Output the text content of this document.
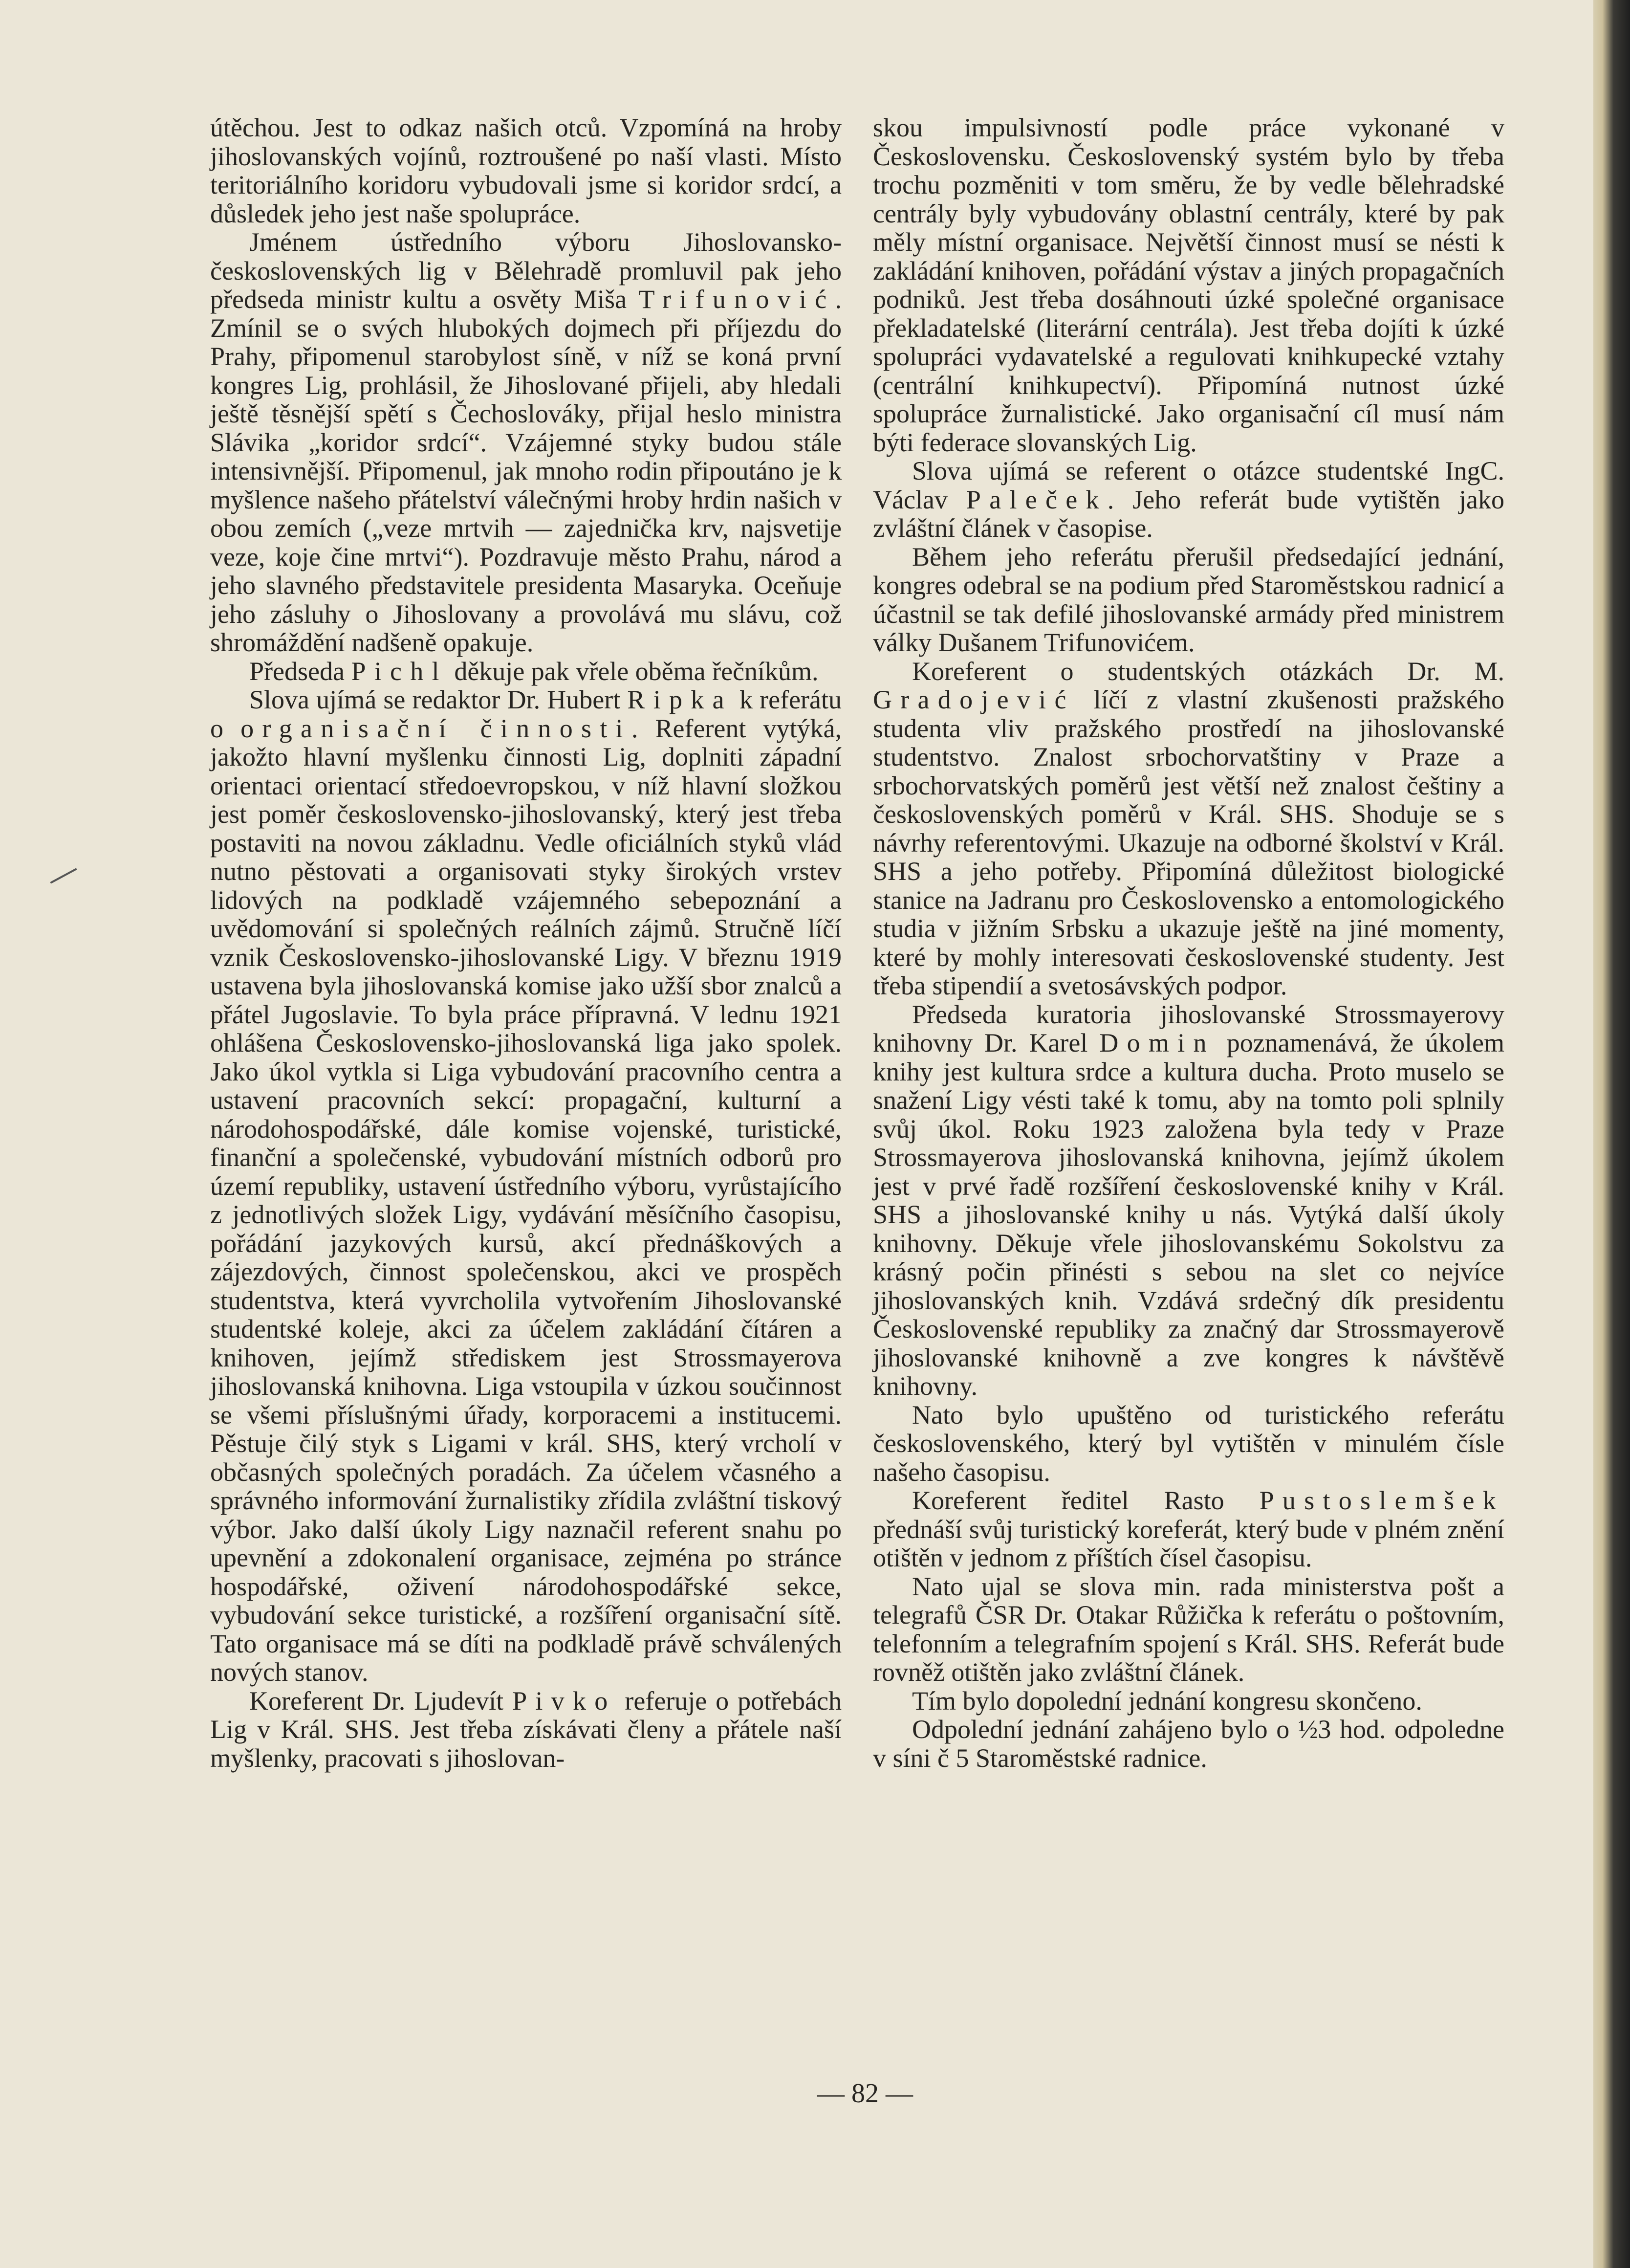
útěchou. Jest to odkaz našich otců. Vzpomíná na hroby jihoslovanských vojínů, roztroušené po naší vlasti. Místo teritoriálního koridoru vybudovali jsme si koridor srdcí, a důsledek jeho jest naše spolupráce.

Jménem ústředního výboru Jihoslovansko-československých lig v Bělehradě promluvil pak jeho předseda ministr kultu a osvěty Miša Trifunović. Zmínil se o svých hlubokých dojmech při příjezdu do Prahy, připomenul starobylost síně, v níž se koná první kongres Lig, prohlásil, že Jihoslované přijeli, aby hledali ještě těsnější spětí s Čechoslováky, přijal heslo ministra Slávika „koridor srdcí“. Vzájemné styky budou stále intensivnější. Připomenul, jak mnoho rodin připoutáno je k myšlence našeho přátelství válečnými hroby hrdin našich v obou zemích („veze mrtvih — zajednička krv, najsvetije veze, koje čine mrtvi“). Pozdravuje město Prahu, národ a jeho slavného představitele presidenta Masaryka. Oceňuje jeho zásluhy o Jihoslovany a provolává mu slávu, což shromáždění nadšeně opakuje.

Předseda Pichl děkuje pak vřele oběma řečníkům.

Slova ujímá se redaktor Dr. Hubert Ripka k referátu o organisační činnosti. Referent vytýká, jakožto hlavní myšlenku činnosti Lig, doplniti západní orientaci orientací středoevropskou, v níž hlavní složkou jest poměr československo-jihoslovanský, který jest třeba postaviti na novou základnu. Vedle oficiálních styků vlád nutno pěstovati a organisovati styky širokých vrstev lidových na podkladě vzájemného sebepoznání a uvědomování si společných reálních zájmů. Stručně líčí vznik Československo-jihoslovanské Ligy. V březnu 1919 ustavena byla jihoslovanská komise jako užší sbor znalců a přátel Jugoslavie. To byla práce přípravná. V lednu 1921 ohlášena Československo-jihoslovanská liga jako spolek. Jako úkol vytkla si Liga vybudování pracovního centra a ustavení pracovních sekcí: propagační, kulturní a národohospodářské, dále komise vojenské, turistické, finanční a společenské, vybudování místních odborů pro území republiky, ustavení ústředního výboru, vyrůstajícího z jednotlivých složek Ligy, vydávání měsíčního časopisu, pořádání jazykových kursů, akcí přednáškových a zájezdových, činnost společenskou, akci ve prospěch studentstva, která vyvrcholila vytvořením Jihoslovanské studentské koleje, akci za účelem zakládání čítáren a knihoven, jejímž střediskem jest Strossmayerova jihoslovanská knihovna. Liga vstoupila v úzkou součinnost se všemi příslušnými úřady, korporacemi a institucemi. Pěstuje čilý styk s Ligami v král. SHS, který vrcholí v občasných společných poradách. Za účelem včasného a správného informování žurnalistiky zřídila zvláštní tiskový výbor. Jako další úkoly Ligy naznačil referent snahu po upevnění a zdokonalení organisace, zejména po stránce hospodářské, oživení národohospodářské sekce, vybudování sekce turistické, a rozšíření organisační sítě. Tato organisace má se díti na podkladě právě schválených nových stanov.

Koreferent Dr. Ljudevít Pivko referuje o potřebách Lig v Král. SHS. Jest třeba získávati členy a přátele naší myšlenky, pracovati s jihoslovan-

skou impulsivností podle práce vykonané v Československu. Československý systém bylo by třeba trochu pozměniti v tom směru, že by vedle bělehradské centrály byly vybudovány oblastní centrály, které by pak měly místní organisace. Největší činnost musí se nésti k zakládání knihoven, pořádání výstav a jiných propagačních podniků. Jest třeba dosáhnouti úzké společné organisace překladatelské (literární centrála). Jest třeba dojíti k úzké spolupráci vydavatelské a regulovati knihkupecké vztahy (centrální knihkupectví). Připomíná nutnost úzké spolupráce žurnalistické. Jako organisační cíl musí nám býti federace slovanských Lig.

Slova ujímá se referent o otázce studentské IngC. Václav Paleček. Jeho referát bude vytištěn jako zvláštní článek v časopise.

Během jeho referátu přerušil předsedající jednání, kongres odebral se na podium před Staroměstskou radnicí a účastnil se tak defilé jihoslovanské armády před ministrem války Dušanem Trifunovićem.

Koreferent o studentských otázkách Dr. M. Gradojević líčí z vlastní zkušenosti pražského studenta vliv pražského prostředí na jihoslovanské studentstvo. Znalost srbochorvatštiny v Praze a srbochorvatských poměrů jest větší než znalost češtiny a československých poměrů v Král. SHS. Shoduje se s návrhy referentovými. Ukazuje na odborné školství v Král. SHS a jeho potřeby. Připomíná důležitost biologické stanice na Jadranu pro Československo a entomologického studia v jižním Srbsku a ukazuje ještě na jiné momenty, které by mohly interesovati československé studenty. Jest třeba stipendií a svetosávských podpor.

Předseda kuratoria jihoslovanské Strossmayerovy knihovny Dr. Karel Domin poznamenává, že úkolem knihy jest kultura srdce a kultura ducha. Proto muselo se snažení Ligy vésti také k tomu, aby na tomto poli splnily svůj úkol. Roku 1923 založena byla tedy v Praze Strossmayerova jihoslovanská knihovna, jejímž úkolem jest v prvé řadě rozšíření československé knihy v Král. SHS a jihoslovanské knihy u nás. Vytýká další úkoly knihovny. Děkuje vřele jihoslovanskému Sokolstvu za krásný počin přinésti s sebou na slet co nejvíce jihoslovanských knih. Vzdává srdečný dík presidentu Československé republiky za značný dar Strossmayerově jihoslovanské knihovně a zve kongres k návštěvě knihovny.

Nato bylo upuštěno od turistického referátu československého, který byl vytištěn v minulém čísle našeho časopisu.

Koreferent ředitel Rasto Pustoslemšek přednáší svůj turistický koreferát, který bude v plném znění otištěn v jednom z příštích čísel časopisu.

Nato ujal se slova min. rada ministerstva pošt a telegrafů ČSR Dr. Otakar Růžička k referátu o poštovním, telefonním a telegrafním spojení s Král. SHS. Referát bude rovněž otištěn jako zvláštní článek.

Tím bylo dopolední jednání kongresu skončeno.

Odpolední jednání zahájeno bylo o ½3 hod. odpoledne v síni č 5 Staroměstské radnice.

— 82 —
